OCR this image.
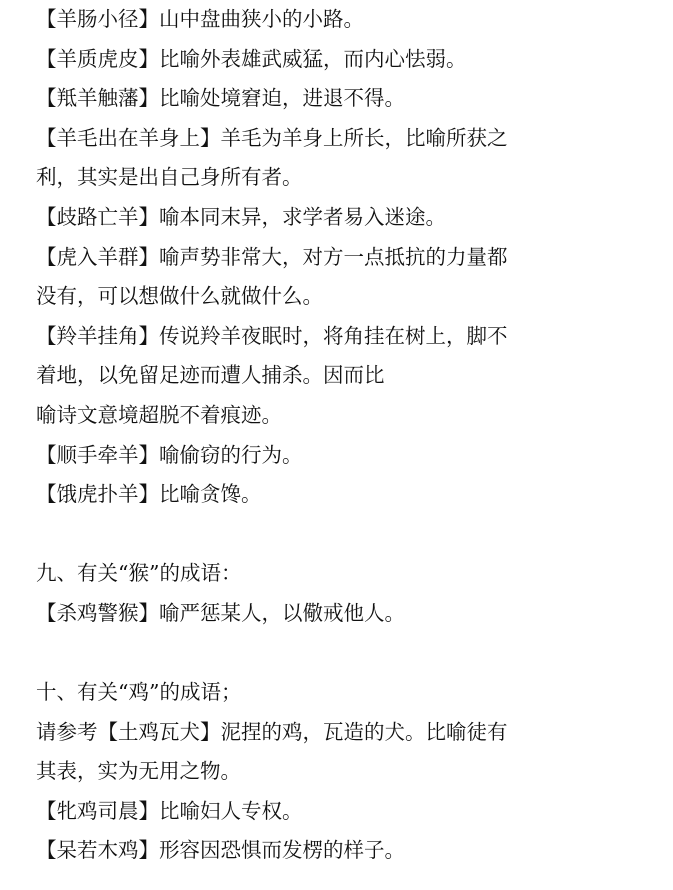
【羊肠小径】山中盘曲狭小的小路。
【羊质虎皮】比喻外表雄武威猛，而内心怯弱。
【羝羊触藩】比喻处境窘迫，进退不得。
【羊毛出在羊身上】羊毛为羊身上所长，比喻所获之
利，其实是出自己身所有者。
【歧路亡羊】喻本同末异，求学者易入迷途。
【虎入羊群】喻声势非常大，对方一点抵抗的力量都
没有，可以想做什么就做什么。
【羚羊挂角】传说羚羊夜眠时，将角挂在树上，脚不
着地，以免留足迹而遭人捕杀。因而比
喻诗文意境超脱不着痕迹。
【顺手牵羊】喻偷窃的行为。
【饿虎扑羊】比喻贪馋。
九、有关“猴”的成语：
【杀鸡警猴】喻严惩某人，以儆戒他人。
十、有关“鸡”的成语；
请参考【土鸡瓦犬】泥捏的鸡，瓦造的犬。比喻徒有
其表，实为无用之物。
【牝鸡司晨】比喻妇人专权。
【呆若木鸡】形容因恐惧而发楞的样子。
